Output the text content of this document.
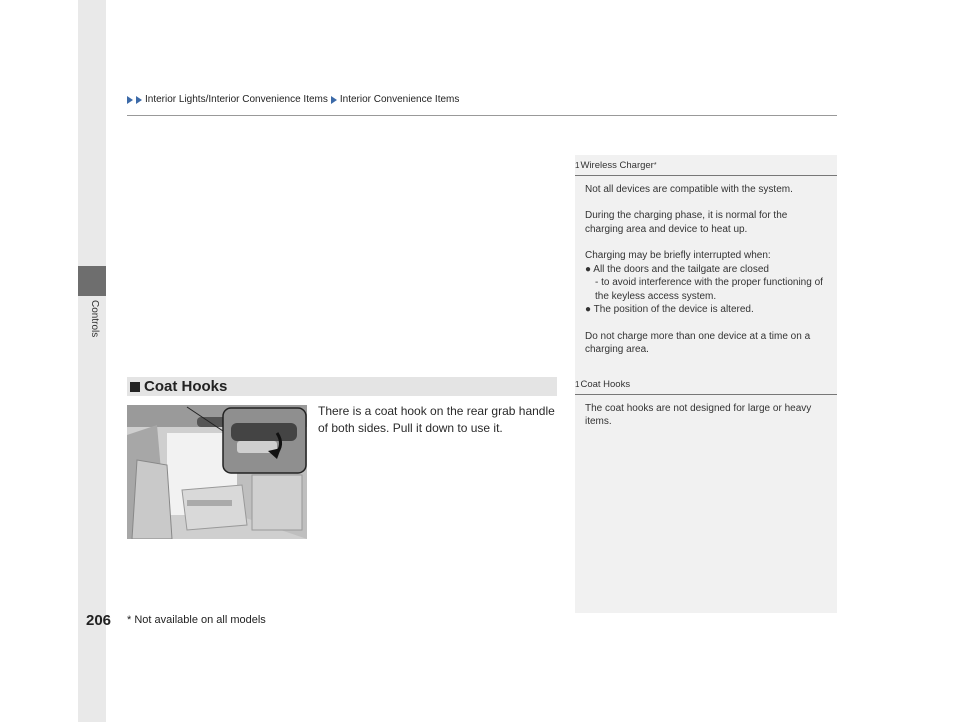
Controls
Interior Lights/Interior Convenience Items Interior Convenience Items
1 Wireless Charger *

Not all devices are compatible with the system.

During the charging phase, it is normal for the charging area and device to heat up.

Charging may be briefly interrupted when:

● All the doors and the tailgate are closed
- to avoid interference with the proper functioning of the keyless access system.
● The position of the device is altered.

Do not charge more than one device at a time on a charging area.

Coat Hooks	1 Coat Hooks

The coat hooks are not designed for large or heavy items.

There is a coat hook on the rear grab handle of both sides. Pull it down to use it.
206 * Not available on all models
